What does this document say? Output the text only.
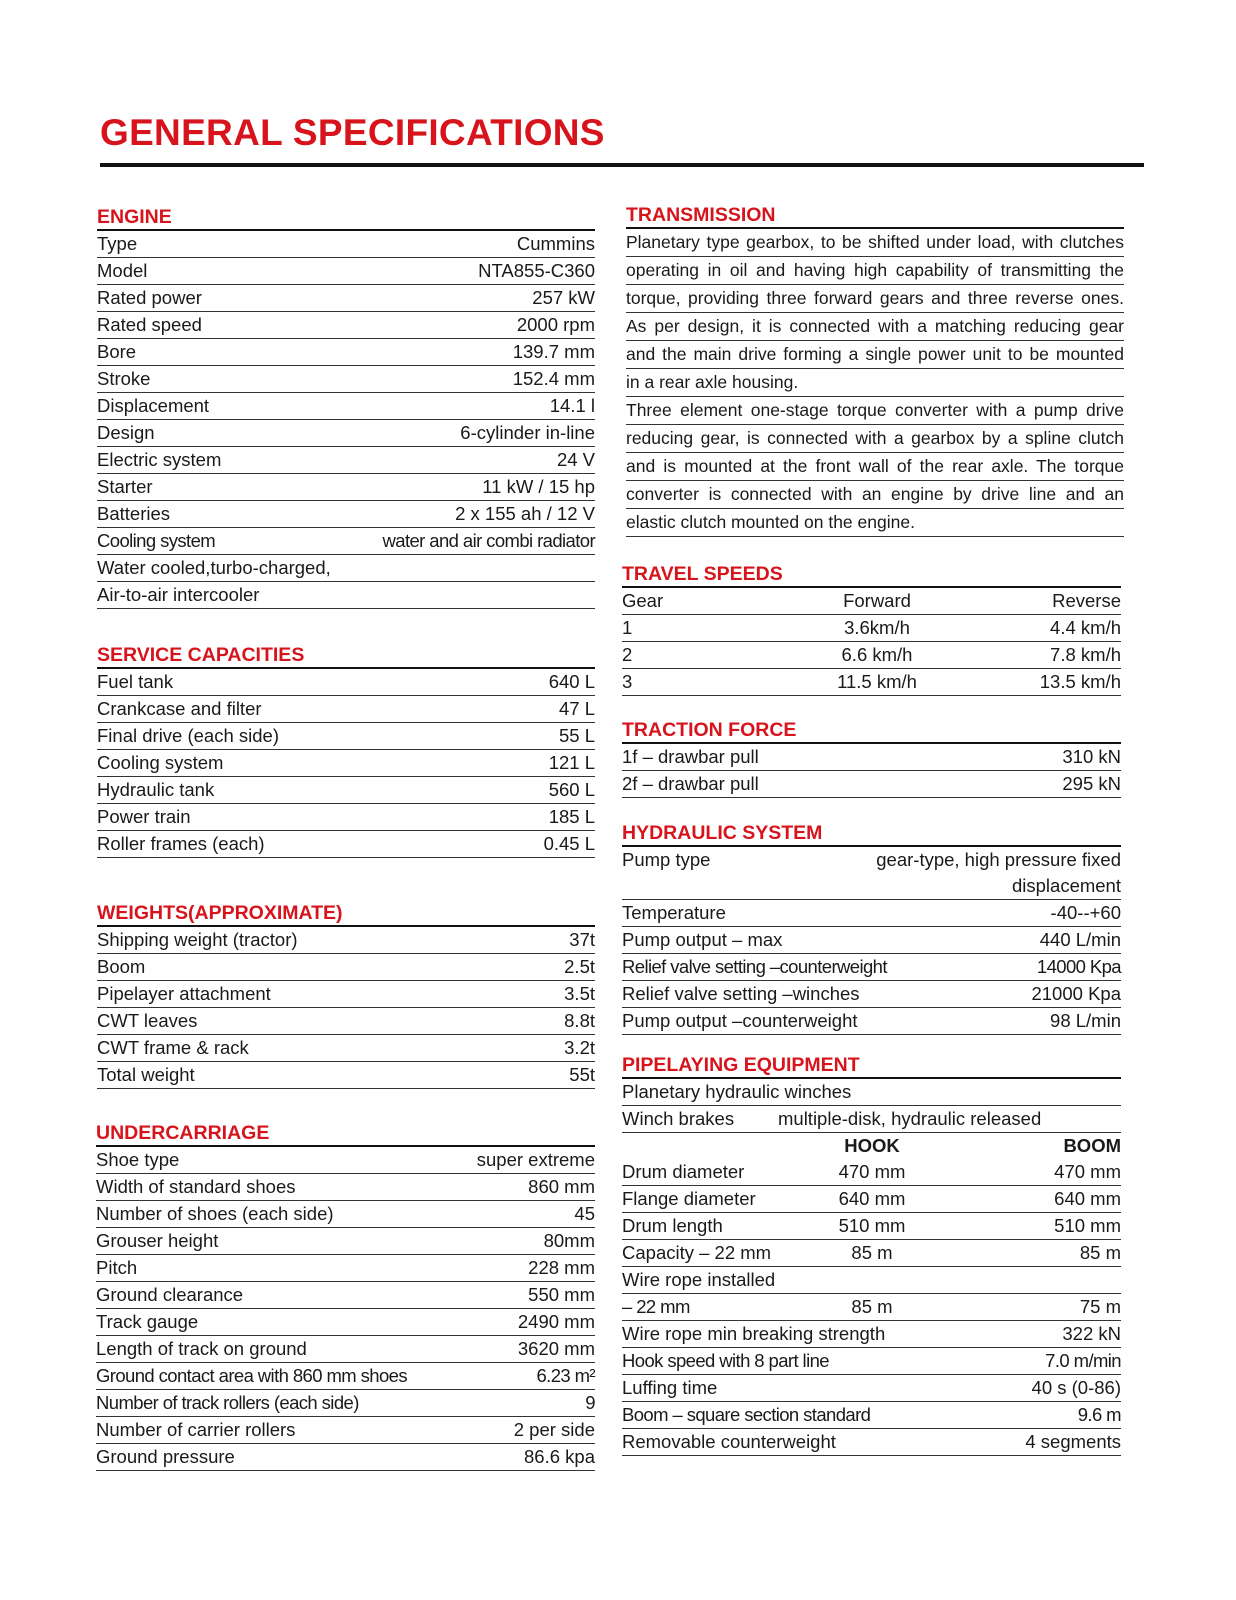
GENERAL SPECIFICATIONS
ENGINE
Type	Cummins
Model	NTA855-C360
Rated power	257 kW
Rated speed	2000 rpm
Bore	139.7 mm
Stroke	152.4 mm
Displacement	14.1 l
Design	6-cylinder in-line
Electric system	24 V
Starter	11 kW / 15 hp
Batteries	2 x 155 ah / 12 V
Cooling system	water and air combi radiator
Water cooled,turbo-charged,
Air-to-air intercooler
SERVICE CAPACITIES
Fuel tank	640 L
Crankcase and filter	47 L
Final drive (each side)	55 L
Cooling system	121 L
Hydraulic tank	560 L
Power train	185 L
Roller frames (each)	0.45 L
WEIGHTS(APPROXIMATE)
Shipping weight (tractor)	37t
Boom	2.5t
Pipelayer attachment	3.5t
CWT leaves	8.8t
CWT frame & rack	3.2t
Total weight	55t
UNDERCARRIAGE
Shoe type	super extreme
Width of standard shoes	860 mm
Number of shoes (each side)	45
Grouser height	80mm
Pitch	228 mm
Ground clearance	550 mm
Track gauge	2490 mm
Length of track on ground	3620 mm
Ground contact area with 860 mm shoes	6.23 m²
Number of track rollers (each side)	9
Number of carrier rollers	2 per side
Ground pressure	86.6 kpa
TRANSMISSION
Planetary type gearbox, to be shifted under load, with clutches
operating in oil and having high capability of transmitting the
torque, providing three forward gears and three reverse ones.
As per design, it is connected with a matching reducing gear
and the main drive forming a single power unit to be mounted
in a rear axle housing.
Three element one-stage torque converter with a pump drive
reducing gear, is connected with a gearbox by a spline clutch
and is mounted at the front wall of the rear axle. The torque
converter is connected with an engine by drive line and an
elastic clutch mounted on the engine.
TRAVEL SPEEDS
Gear	Forward	Reverse
1	3.6km/h	4.4 km/h
2	6.6 km/h	7.8 km/h
3	11.5 km/h	13.5 km/h
TRACTION FORCE
1f – drawbar pull	310 kN
2f – drawbar pull	295 kN
HYDRAULIC SYSTEM
Pump type	gear-type, high pressure fixed
displacement
Temperature	-40--+60
Pump output – max	440 L/min
Relief valve setting –counterweight	14000 Kpa
Relief valve setting –winches	21000 Kpa
Pump output –counterweight	98 L/min
PIPELAYING EQUIPMENT
Planetary hydraulic winches
Winch brakes	multiple-disk, hydraulic released
HOOK	BOOM
Drum diameter	470 mm	470 mm
Flange diameter	640 mm	640 mm
Drum length	510 mm	510 mm
Capacity – 22 mm	85 m	85 m
Wire rope installed
– 22 mm	85 m	75 m
Wire rope min breaking strength	322 kN
Hook speed with 8 part line	7.0 m/min
Luffing time	40 s (0-86)
Boom – square section standard	9.6 m
Removable counterweight	4 segments
